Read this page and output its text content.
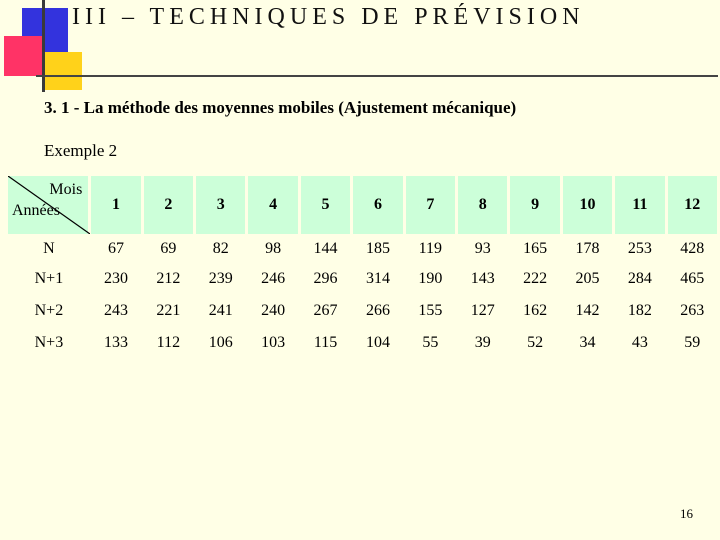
III – TECHNIQUES DE PRÉVISION
3. 1 - La méthode des moyennes mobiles (Ajustement mécanique)
Exemple 2
Mois
Années	1	2	3	4	5	6	7	8	9	10	11	12
N	67	69	82	98	144	185	119	93	165	178	253	428
N+1	230	212	239	246	296	314	190	143	222	205	284	465
N+2	243	221	241	240	267	266	155	127	162	142	182	263
N+3	133	112	106	103	115	104	55	39	52	34	43	59
16
